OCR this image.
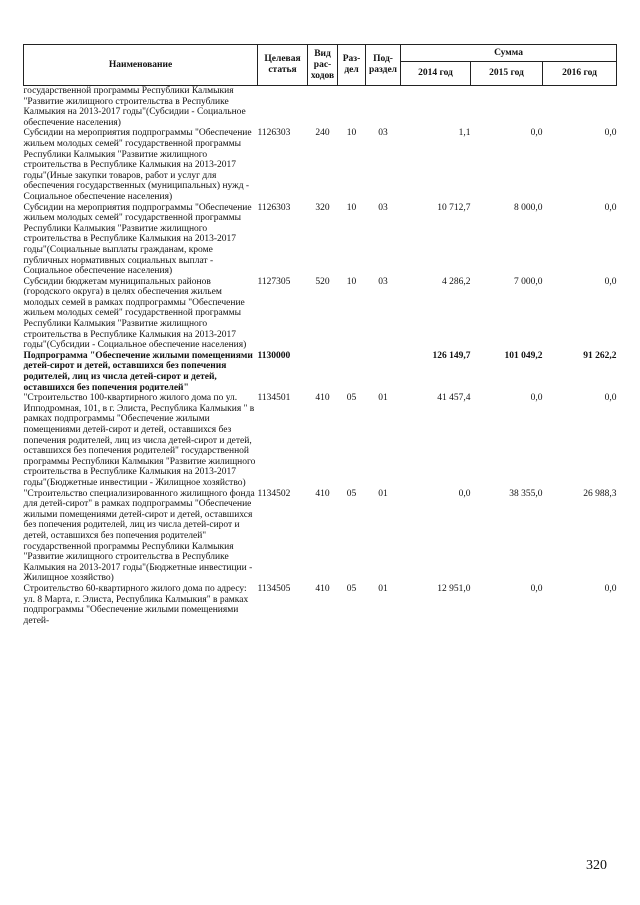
Наименование	Целевая статья	Вид рас- ходов	Раз- дел	Под- раздел	Сумма		
					2014 год	2015 год	2016 год
государственной программы Республики Калмыкия "Развитие жилищного строительства в Республике Калмыкия на 2013-2017 годы"(Субсидии - Социальное обеспечение населения)							
Субсидии на мероприятия подпрограммы "Обеспечение жильем молодых семей" государственной программы Республики Калмыкия "Развитие жилищного строительства в Республике Калмыкия на 2013-2017 годы"(Иные закупки товаров, работ и услуг для обеспечения государственных (муниципальных) нужд - Социальное обеспечение населения)	1126303	240	10	03	1,1	0,0	0,0
Субсидии на мероприятия подпрограммы "Обеспечение жильем молодых семей" государственной программы Республики Калмыкия "Развитие жилищного строительства в Республике Калмыкия на 2013-2017 годы"(Социальные выплаты гражданам, кроме публичных нормативных социальных выплат - Социальное обеспечение населения)	1126303	320	10	03	10 712,7	8 000,0	0,0
Субсидии бюджетам муниципальных районов (городского округа) в целях обеспечения жильем молодых семей в рамках подпрограммы "Обеспечение жильем молодых семей" государственной программы Республики Калмыкия "Развитие жилищного строительства в Республике Калмыкия на 2013-2017 годы"(Субсидии - Социальное обеспечение населения)	1127305	520	10	03	4 286,2	7 000,0	0,0
Подпрограмма "Обеспечение жилыми помещениями детей-сирот и детей, оставшихся без попечения родителей, лиц из числа детей-сирот и детей, оставшихся без попечения родителей"	1130000				126 149,7	101 049,2	91 262,2
"Строительство 100-квартирного жилого дома по ул. Ипподромная, 101, в г. Элиста, Республика Калмыкия " в рамках подпрограммы "Обеспечение жилыми помещениями детей-сирот и детей, оставшихся без попечения родителей, лиц из числа детей-сирот и детей, оставшихся без попечения родителей" государственной программы Республики Калмыкия "Развитие жилищного строительства в Республике Калмыкия на 2013-2017 годы"(Бюджетные инвестиции - Жилищное хозяйство)	1134501	410	05	01	41 457,4	0,0	0,0
"Строительство специализированного жилищного фонда для детей-сирот" в рамках подпрограммы "Обеспечение жилыми помещениями детей-сирот и детей, оставшихся без попечения родителей, лиц из числа детей-сирот и детей, оставшихся без попечения родителей" государственной программы Республики Калмыкия "Развитие жилищного строительства в Республике Калмыкия на 2013-2017 годы"(Бюджетные инвестиции - Жилищное хозяйство)	1134502	410	05	01	0,0	38 355,0	26 988,3
Строительство 60-квартирного жилого дома по адресу: ул. 8 Марта, г. Элиста, Республика Калмыкия" в рамках подпрограммы "Обеспечение жилыми помещениями детей-	1134505	410	05	01	12 951,0	0,0	0,0
320
